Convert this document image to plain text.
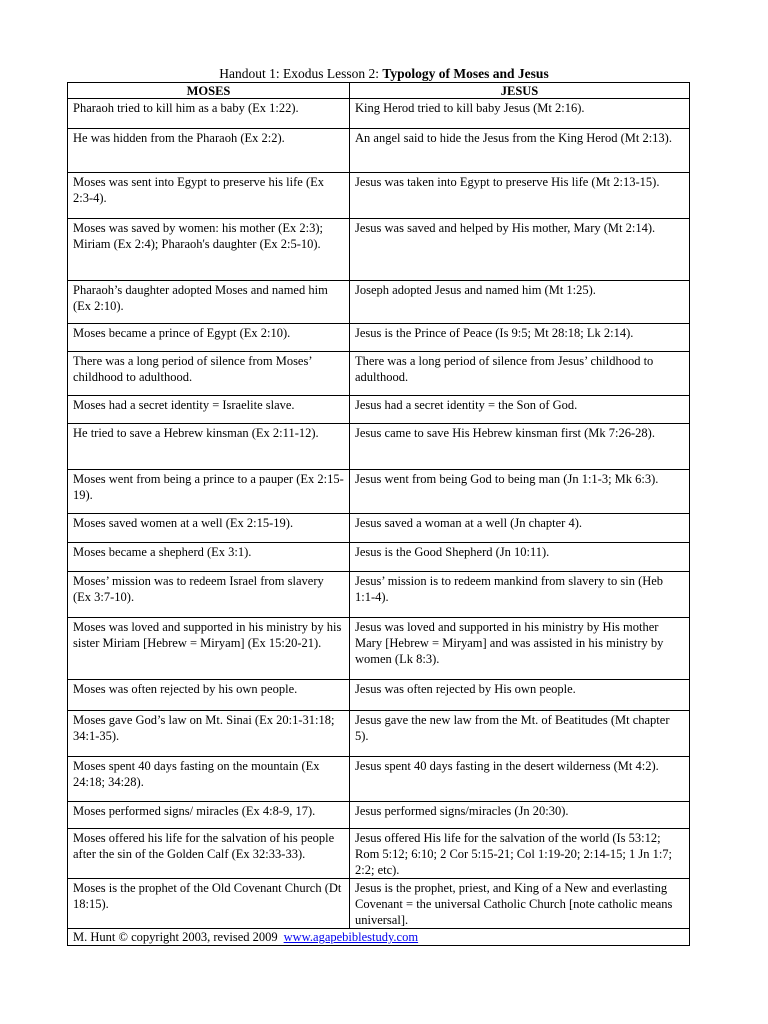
Handout 1: Exodus Lesson 2: Typology of Moses and Jesus
MOSES	JESUS
Pharaoh tried to kill him as a baby (Ex 1:22).	King Herod tried to kill baby Jesus (Mt 2:16).
He was hidden from the Pharaoh (Ex 2:2).	An angel said to hide the Jesus from the King Herod (Mt 2:13).
Moses was sent into Egypt to preserve his life (Ex 2:3-4).	Jesus was taken into Egypt to preserve His life (Mt 2:13-15).
Moses was saved by women: his mother (Ex 2:3); Miriam (Ex 2:4); Pharaoh's daughter (Ex 2:5-10).	Jesus was saved and helped by His mother, Mary (Mt 2:14).
Pharaoh’s daughter adopted Moses and named him (Ex 2:10).	Joseph adopted Jesus and named him (Mt 1:25).
Moses became a prince of Egypt (Ex 2:10).	Jesus is the Prince of Peace (Is 9:5; Mt 28:18; Lk 2:14).
There was a long period of silence from Moses’ childhood to adulthood.	There was a long period of silence from Jesus’ childhood to adulthood.
Moses had a secret identity = Israelite slave.	Jesus had a secret identity = the Son of God.
He tried to save a Hebrew kinsman (Ex 2:11-12).	Jesus came to save His Hebrew kinsman first (Mk 7:26-28).
Moses went from being a prince to a pauper (Ex 2:15-19).	Jesus went from being God to being man (Jn 1:1-3; Mk 6:3).
Moses saved women at a well (Ex 2:15-19).	Jesus saved a woman at a well (Jn chapter 4).
Moses became a shepherd (Ex 3:1).	Jesus is the Good Shepherd (Jn 10:11).
Moses’ mission was to redeem Israel from slavery (Ex 3:7-10).	Jesus’ mission is to redeem mankind from slavery to sin (Heb 1:1-4).
Moses was loved and supported in his ministry by his sister Miriam [Hebrew = Miryam] (Ex 15:20-21).	Jesus was loved and supported in his ministry by His mother Mary [Hebrew = Miryam] and was assisted in his ministry by women (Lk 8:3).
Moses was often rejected by his own people.	Jesus was often rejected by His own people.
Moses gave God’s law on Mt. Sinai (Ex 20:1-31:18; 34:1-35).	Jesus gave the new law from the Mt. of Beatitudes (Mt chapter 5).
Moses spent 40 days fasting on the mountain (Ex 24:18; 34:28).	Jesus spent 40 days fasting in the desert wilderness (Mt 4:2).
Moses performed signs/ miracles (Ex 4:8-9, 17).	Jesus performed signs/miracles (Jn 20:30).
Moses offered his life for the salvation of his people after the sin of the Golden Calf (Ex 32:33-33).	Jesus offered His life for the salvation of the world (Is 53:12; Rom 5:12; 6:10; 2 Cor 5:15-21; Col 1:19-20; 2:14-15; 1 Jn 1:7; 2:2; etc).
Moses is the prophet of the Old Covenant Church (Dt 18:15).	Jesus is the prophet, priest, and King of a New and everlasting Covenant = the universal Catholic Church [note catholic means universal].
M. Hunt © copyright 2003, revised 2009 www.agapebiblestudy.com	
